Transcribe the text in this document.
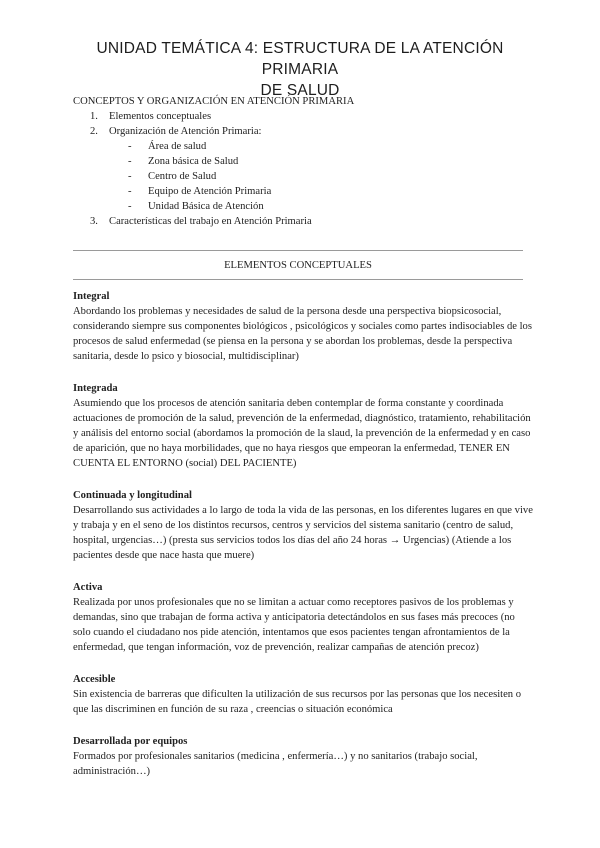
UNIDAD TEMÁTICA 4: ESTRUCTURA DE LA ATENCIÓN PRIMARIA
DE SALUD

CONCEPTOS Y ORGANIZACIÓN EN ATENCIÓN PRIMARIA

1. Elementos conceptuales
2. Organización de Atención Primaria:
- Área de salud
- Zona básica de Salud
- Centro de Salud
- Equipo de Atención Primaria
- Unidad Básica de Atención
3. Características del trabajo en Atención Primaria
ELEMENTOS CONCEPTUALES
Integral

Abordando los problemas y necesidades de salud de la persona desde una perspectiva biopsicosocial, considerando siempre sus componentes biológicos , psicológicos y sociales como partes indisociables de los procesos de salud enfermedad (se piensa en la persona y se abordan los problemas, desde la perspectiva sanitaria, desde lo psico y biosocial, multidisciplinar)

Integrada

Asumiendo que los procesos de atención sanitaria deben contemplar de forma constante y coordinada actuaciones de promoción de la salud, prevención de la enfermedad, diagnóstico, tratamiento, rehabilitación y análisis del entorno social (abordamos la promoción de la slaud, la prevención de la enfermedad y en caso de aparición, que no haya morbilidades, que no haya riesgos que empeoran la enfermedad, TENER EN CUENTA EL ENTORNO (social) DEL PACIENTE)

Continuada y longitudinal

Desarrollando sus actividades a lo largo de toda la vida de las personas, en los diferentes lugares en que vive y trabaja y en el seno de los distintos recursos, centros y servicios del sistema sanitario (centro de salud, hospital, urgencias…) (presta sus servicios todos los días del año 24 horas → Urgencias) (Atiende a los pacientes desde que nace hasta que muere)

Activa

Realizada por unos profesionales que no se limitan a actuar como receptores pasivos de los problemas y demandas, sino que trabajan de forma activa y anticipatoria detectándolos en sus fases más precoces (no solo cuando el ciudadano nos pide atención, intentamos que esos pacientes tengan afrontamientos de la enfermedad, que tengan información, voz de prevención, realizar campañas de atención precoz)

Accesible

Sin existencia de barreras que dificulten la utilización de sus recursos por las personas que los necesiten o que las discriminen en función de su raza , creencias o situación económica

Desarrollada por equipos

Formados por profesionales sanitarios (medicina , enfermería…) y no sanitarios (trabajo social, administración…)
